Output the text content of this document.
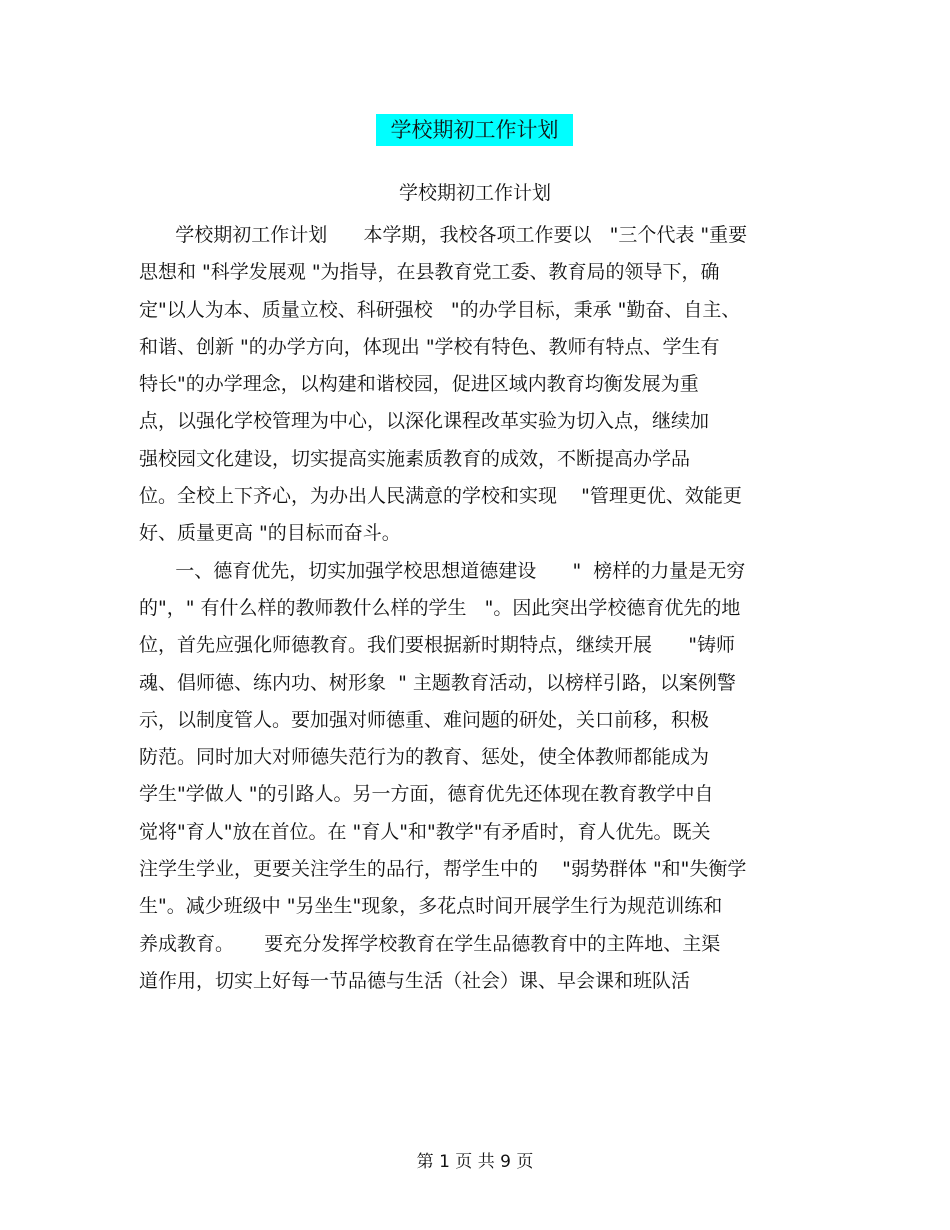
学校期初工作计划
学校期初工作计划
学校期初工作计划      本学期，我校各项工作要以   "三个代表 "重要
思想和 "科学发展观 "为指导，在县教育党工委、教育局的领导下，确
定"以人为本、质量立校、科研强校   "的办学目标，秉承 "勤奋、自主、
和谐、创新 "的办学方向，体现出 "学校有特色、教师有特点、学生有
特长"的办学理念，以构建和谐校园，促进区域内教育均衡发展为重
点，以强化学校管理为中心，以深化课程改革实验为切入点，继续加
强校园文化建设，切实提高实施素质教育的成效，不断提高办学品
位。全校上下齐心，为办出人民满意的学校和实现    "管理更优、效能更
好、质量更高 "的目标而奋斗。
一、德育优先，切实加强学校思想道德建设      "  榜样的力量是无穷
的"，" 有什么样的教师教什么样的学生   "。因此突出学校德育优先的地
位，首先应强化师德教育。我们要根据新时期特点，继续开展      "铸师
魂、倡师德、练内功、树形象  " 主题教育活动，以榜样引路，以案例警
示，以制度管人。要加强对师德重、难问题的研处，关口前移，积极
防范。同时加大对师德失范行为的教育、惩处，使全体教师都能成为
学生"学做人 "的引路人。另一方面，德育优先还体现在教育教学中自
觉将"育人"放在首位。在 "育人"和"教学"有矛盾时，育人优先。既关
注学生学业，更要关注学生的品行，帮学生中的    "弱势群体 "和"失衡学
生"。减少班级中 "另坐生"现象，多花点时间开展学生行为规范训练和
养成教育。     要充分发挥学校教育在学生品德教育中的主阵地、主渠
道作用，切实上好每一节品德与生活（社会）课、早会课和班队活
第 1 页 共 9 页
